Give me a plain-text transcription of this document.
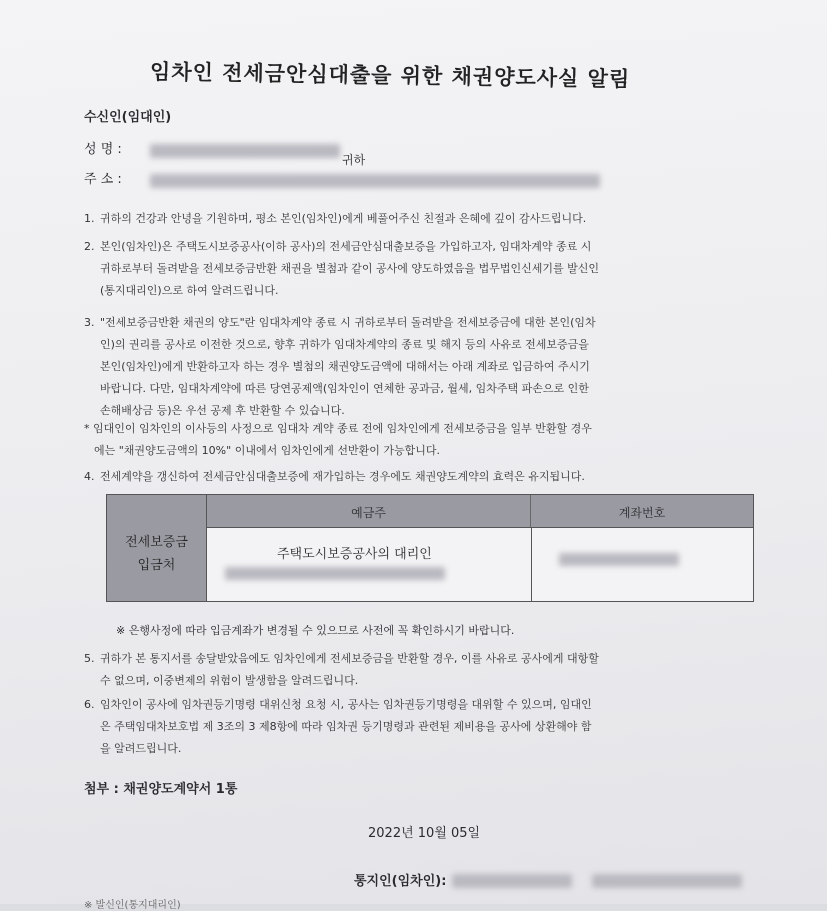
임차인 전세금안심대출을 위한 채권양도사실 알림
수신인(임대인)
성 명 :
귀하
주 소 :
1. 귀하의 건강과 안녕을 기원하며, 평소 본인(임차인)에게 베풀어주신 친절과 은혜에 깊이 감사드립니다.
2. 본인(임차인)은 주택도시보증공사(이하 공사)의 전세금안심대출보증을 가입하고자, 임대차계약 종료 시
귀하로부터 돌려받을 전세보증금반환 채권을 별첨과 같이 공사에 양도하였음을 법무법인신세기를 발신인
(통지대리인)으로 하여 알려드립니다.
3. "전세보증금반환 채권의 양도"란 임대차계약 종료 시 귀하로부터 돌려받을 전세보증금에 대한 본인(임차
인)의 권리를 공사로 이전한 것으로, 향후 귀하가 임대차계약의 종료 및 해지 등의 사유로 전세보증금을
본인(임차인)에게 반환하고자 하는 경우 별첨의 채권양도금액에 대해서는 아래 계좌로 입금하여 주시기
바랍니다. 다만, 임대차계약에 따른 당연공제액(임차인이 연체한 공과금, 월세, 임차주택 파손으로 인한
손해배상금 등)은 우선 공제 후 반환할 수 있습니다.
* 임대인이 임차인의 이사등의 사정으로 임대차 계약 종료 전에 임차인에게 전세보증금을 일부 반환할 경우
에는 "채권양도금액의 10%" 이내에서 임차인에게 선반환이 가능합니다.
4. 전세계약을 갱신하여 전세금안심대출보증에 재가입하는 경우에도 채권양도계약의 효력은 유지됩니다.
전세보증금
입금처
예금주	계좌번호
주택도시보증공사의 대리인
※ 은행사정에 따라 입금계좌가 변경될 수 있으므로 사전에 꼭 확인하시기 바랍니다.
5. 귀하가 본 통지서를 송달받았음에도 임차인에게 전세보증금을 반환할 경우, 이를 사유로 공사에게 대항할
수 없으며, 이중변제의 위험이 발생함을 알려드립니다.
6. 임차인이 공사에 임차권등기명령 대위신청 요청 시, 공사는 임차권등기명령을 대위할 수 있으며, 임대인
은 주택임대차보호법 제 3조의 3 제8항에 따라 임차권 등기명령과 관련된 제비용을 공사에 상환해야 함
을 알려드립니다.
첨부 : 채권양도계약서 1통
2022년 10월 05일
통지인(임차인):
※ 발신인(통지대리인)
